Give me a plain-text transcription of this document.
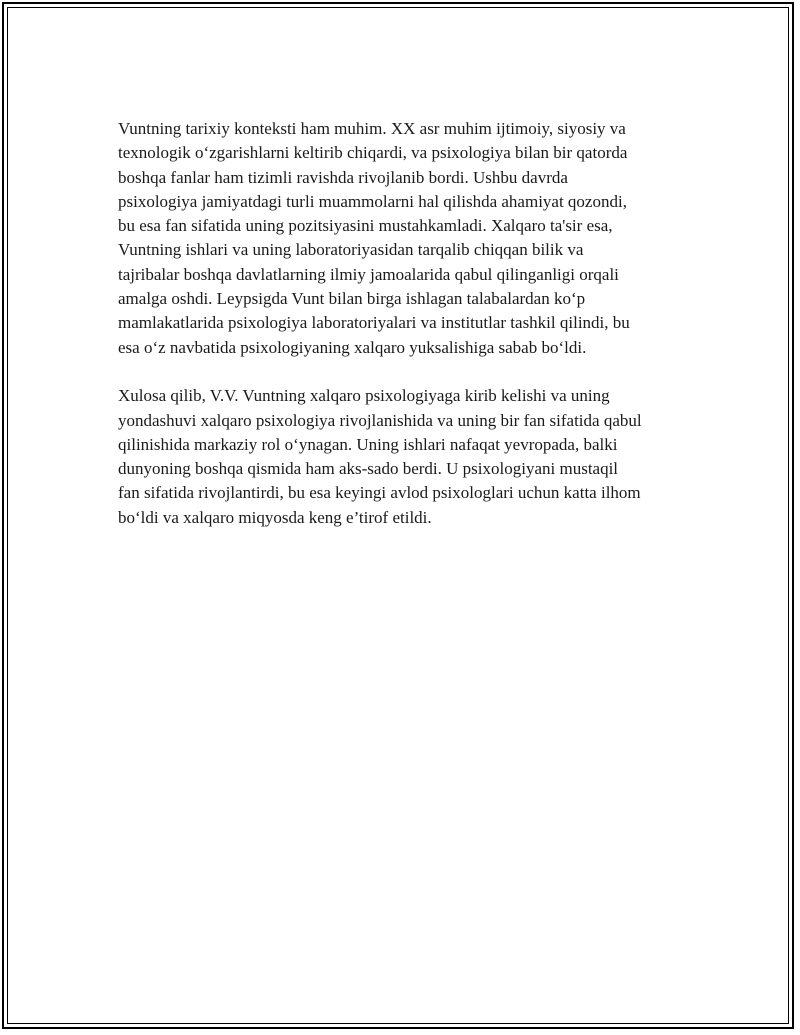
Vuntning tarixiy konteksti ham muhim. XX asr muhim ijtimoiy, siyosiy va
texnologik o‘zgarishlarni keltirib chiqardi, va psixologiya bilan bir qatorda
boshqa fanlar ham tizimli ravishda rivojlanib bordi. Ushbu davrda
psixologiya jamiyatdagi turli muammolarni hal qilishda ahamiyat qozondi,
bu esa fan sifatida uning pozitsiyasini mustahkamladi. Xalqaro ta'sir esa,
Vuntning ishlari va uning laboratoriyasidan tarqalib chiqqan bilik va
tajribalar boshqa davlatlarning ilmiy jamoalarida qabul qilinganligi orqali
amalga oshdi. Leypsigda Vunt bilan birga ishlagan talabalardan ko‘p
mamlakatlarida psixologiya laboratoriyalari va institutlar tashkil qilindi, bu
esa o‘z navbatida psixologiyaning xalqaro yuksalishiga sabab bo‘ldi.

Xulosa qilib, V.V. Vuntning xalqaro psixologiyaga kirib kelishi va uning
yondashuvi xalqaro psixologiya rivojlanishida va uning bir fan sifatida qabul
qilinishida markaziy rol o‘ynagan. Uning ishlari nafaqat yevropada, balki
dunyoning boshqa qismida ham aks-sado berdi. U psixologiyani mustaqil
fan sifatida rivojlantirdi, bu esa keyingi avlod psixologlari uchun katta ilhom
bo‘ldi va xalqaro miqyosda keng e’tirof etildi.
